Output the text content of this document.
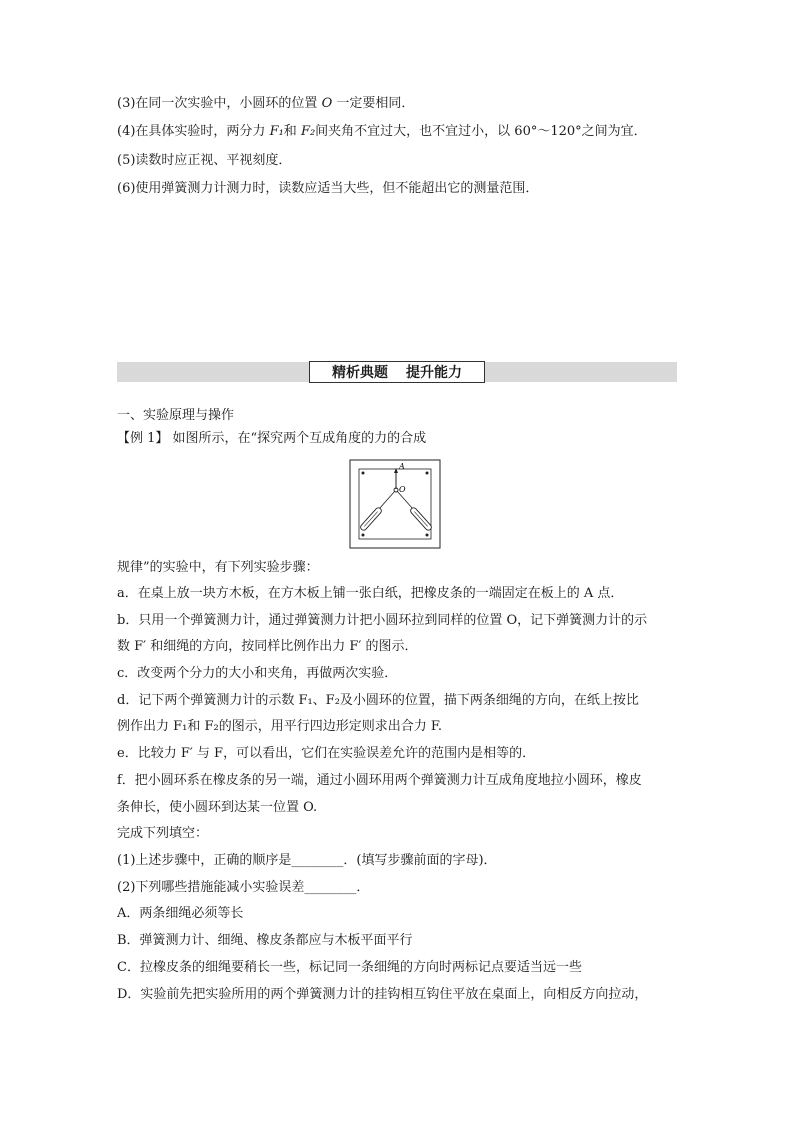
(3)在同一次实验中，小圆环的位置 O 一定要相同．
(4)在具体实验时，两分力 F₁和 F₂间夹角不宜过大，也不宜过小，以 60°～120°之间为宜．
(5)读数时应正视、平视刻度．
(6)使用弹簧测力计测力时，读数应适当大些，但不能超出它的测量范围．
精析典题 提升能力
一、实验原理与操作
【例 1】 如图所示，在“探究两个互成角度的力的合成
A
O
规律”的实验中，有下列实验步骤：
a．在桌上放一块方木板，在方木板上铺一张白纸，把橡皮条的一端固定在板上的 A 点．
b．只用一个弹簧测力计，通过弹簧测力计把小圆环拉到同样的位置 O，记下弹簧测力计的示
数 F′ 和细绳的方向，按同样比例作出力 F′ 的图示．
c．改变两个分力的大小和夹角，再做两次实验．
d．记下两个弹簧测力计的示数 F₁、F₂及小圆环的位置，描下两条细绳的方向，在纸上按比
例作出力 F₁和 F₂的图示，用平行四边形定则求出合力 F.
e．比较力 F′ 与 F，可以看出，它们在实验误差允许的范围内是相等的．
f．把小圆环系在橡皮条的另一端，通过小圆环用两个弹簧测力计互成角度地拉小圆环，橡皮
条伸长，使小圆环到达某一位置 O.
完成下列填空：
(1)上述步骤中，正确的顺序是________．(填写步骤前面的字母)．
(2)下列哪些措施能减小实验误差________．
A．两条细绳必须等长
B．弹簧测力计、细绳、橡皮条都应与木板平面平行
C．拉橡皮条的细绳要稍长一些，标记同一条细绳的方向时两标记点要适当远一些
D．实验前先把实验所用的两个弹簧测力计的挂钩相互钩住平放在桌面上，向相反方向拉动，
